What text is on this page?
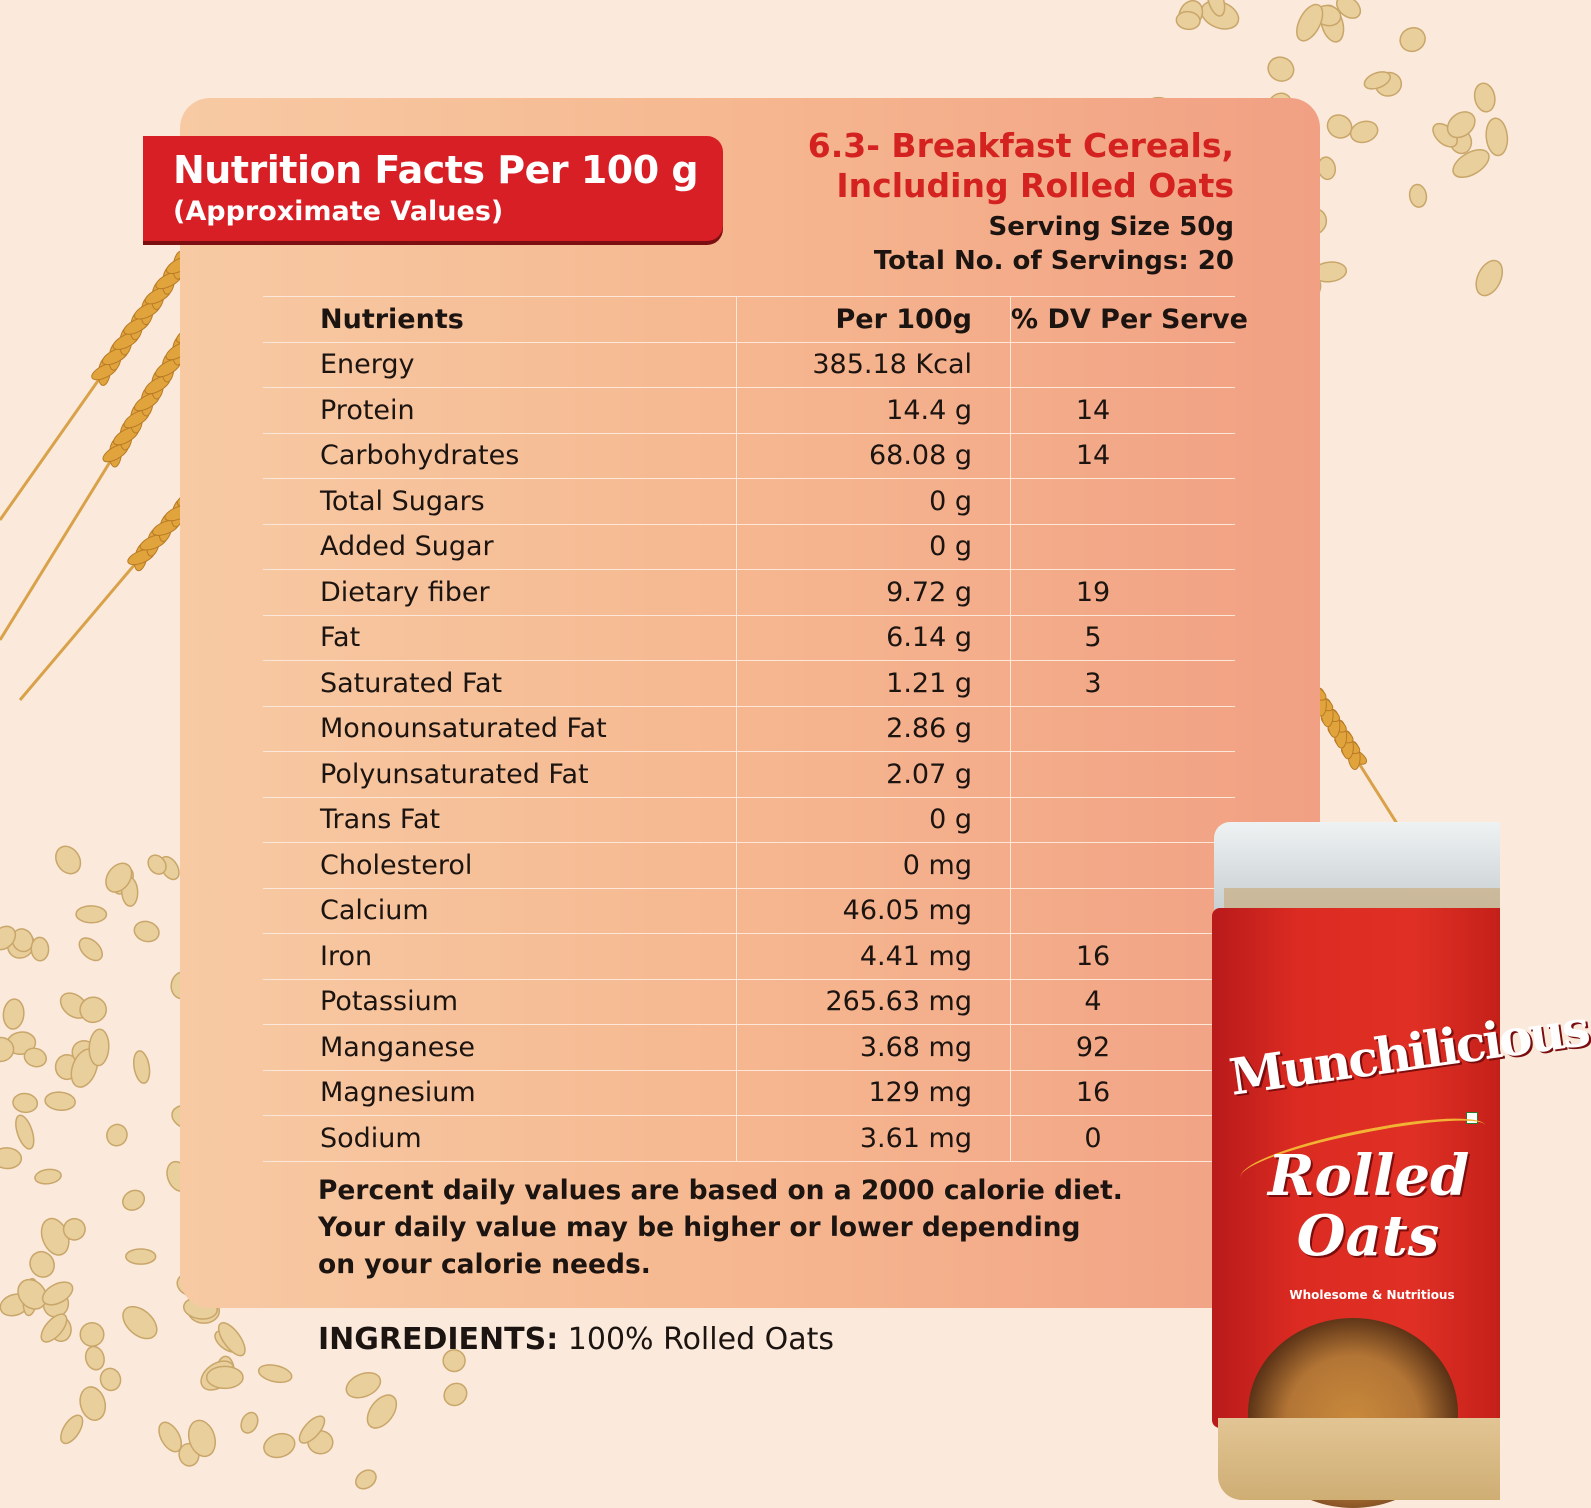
Nutrition Facts Per 100 g
(Approximate Values)
6.3- Breakfast Cereals,
Including Rolled Oats
Serving Size 50g
Total No. of Servings: 20
Nutrients	Per 100g	% DV Per Serve
Energy	385.18 Kcal	
Protein	14.4 g	14
Carbohydrates	68.08 g	14
Total Sugars	0 g	
Added Sugar	0 g	
Dietary fiber	9.72 g	19
Fat	6.14 g	5
Saturated Fat	1.21 g	3
Monounsaturated Fat	2.86 g	
Polyunsaturated Fat	2.07 g	
Trans Fat	0 g	
Cholesterol	0 mg	
Calcium	46.05 mg	
Iron	4.41 mg	16
Potassium	265.63 mg	4
Manganese	3.68 mg	92
Magnesium	129 mg	16
Sodium	3.61 mg	0
Percent daily values are based on a 2000 calorie diet.
Your daily value may be higher or lower depending
on your calorie needs.
INGREDIENTS: 100% Rolled Oats
Munchilicious
Rolled
Oats
Wholesome & Nutritious
